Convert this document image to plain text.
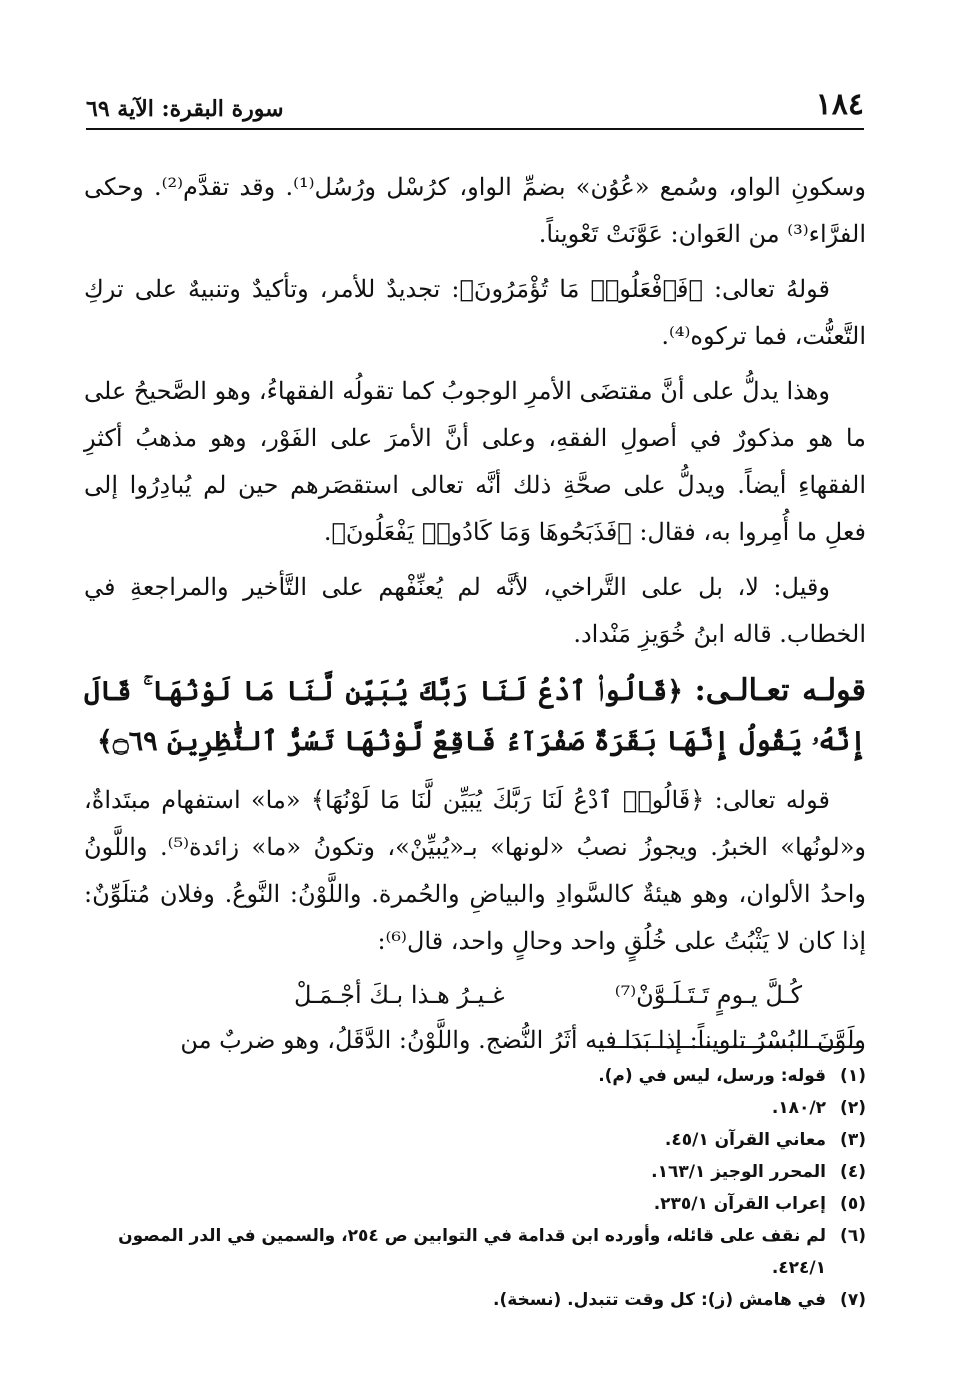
١٨٤
سورة البقرة: الآية ٦٩

وسكونِ الواو، وسُمع «عُوُن» بضمِّ الواو، كرُسْل ورُسُل⁽¹⁾. وقد تقدَّم⁽²⁾. وحكى الفرَّاء⁽³⁾ من العَوان: عَوَّنَتْ تَعْويناً.

قولهُ تعالى: ﴿فَٱفْعَلُوا۟ مَا تُؤْمَرُونَ﴾: تجديدٌ للأمر، وتأكيدٌ وتنبيهٌ على تركِ التَّعنُّت، فما تركوه⁽⁴⁾.

وهذا يدلُّ على أنَّ مقتضَى الأمرِ الوجوبُ كما تقولُه الفقهاءُ، وهو الصَّحيحُ على ما هو مذكورٌ في أصولِ الفقهِ، وعلى أنَّ الأمرَ على الفَوْر، وهو مذهبُ أكثرِ الفقهاءِ أيضاً. ويدلُّ على صحَّةِ ذلك أنَّه تعالى استقصَرهم حين لم يُبادِرُوا إلى فعلِ ما أُمِروا به، فقال: ﴿فَذَبَحُوهَا وَمَا كَادُوا۟ يَفْعَلُونَ﴾.

وقيل: لا، بل على التَّراخي، لأنَّه لم يُعنِّفْهم على التَّأخير والمراجعةِ في الخطاب. قاله ابنُ خُوَيزِ مَنْداد.

قولـه تعـالـى: ﴿قَالُوا۟ ٱدْعُ لَنَا رَبَّكَ يُبَيِّن لَّنَا مَا لَوْنُهَا ۚ قَالَ إِنَّهُۥ يَقُولُ إِنَّهَا بَقَرَةٌ صَفْرَآءُ فَاقِعٌ لَّوْنُهَا تَسُرُّ ٱلنَّٰظِرِينَ ۝٦٩﴾

قوله تعالى: ﴿قَالُوا۟ ٱدْعُ لَنَا رَبَّكَ يُبَيِّن لَّنَا مَا لَوْنُهَا﴾ «ما» استفهام مبتَداةٌ، و«لونُها» الخبرُ. ويجوزُ نصبُ «لونها» بـ«يُبيِّنْ»، وتكونُ «ما» زائدة⁽⁵⁾. واللَّونُ واحدُ الألوان، وهو هيئةٌ كالسَّوادِ والبياضِ والحُمرة. واللَّوْنُ: النَّوعُ. وفلان مُتلَوِّنٌ: إذا كان لا يَثْبُتُ على خُلُقٍ واحد وحالٍ واحد، قال⁽⁶⁾:

كُـلَّ يـومٍ تَـتَـلَـوَّنْ⁽⁷⁾
غـيـرُ هـذا بـكَ أجْـمَـلْ

ولَوَّنَ البُسْرُ تلويناً: إذا بَدَا فيه أثَرُ النُّضج. واللَّوْنُ: الدَّقَلُ، وهو ضربٌ من

(١)
قوله: ورسل، ليس في (م).
(٢)
١٨٠/٢.
(٣)
معاني القرآن ٤٥/١.
(٤)
المحرر الوجيز ١٦٣/١.
(٥)
إعراب القرآن ٢٣٥/١.
(٦)
لم نقف على قائله، وأورده ابن قدامة في التوابين ص ٢٥٤، والسمين في الدر المصون ٤٢٤/١.
(٧)
في هامش (ز): كل وقت تتبدل. (نسخة).
